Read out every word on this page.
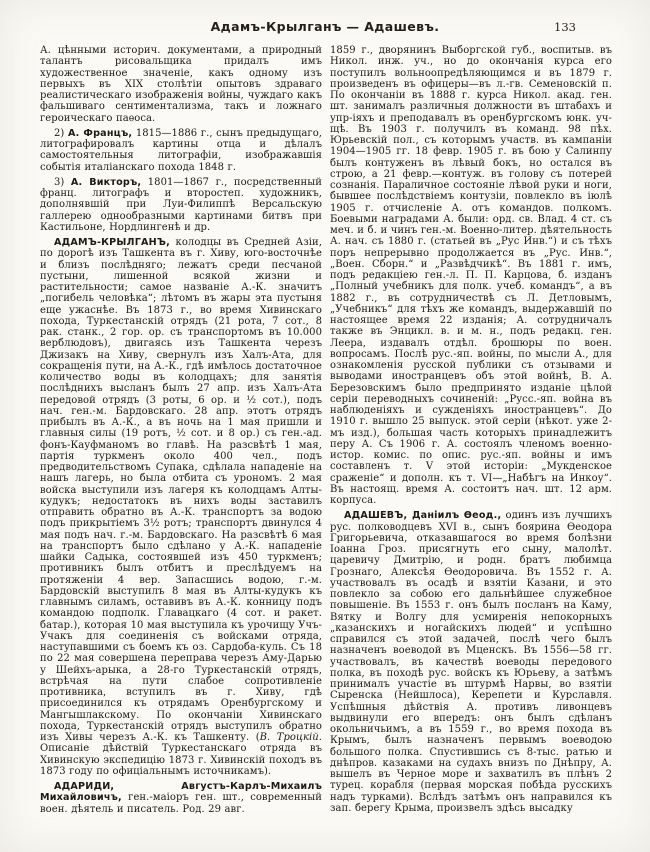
Адамъ-Крылганъ — Адашевъ.	133

А. цѣнными историч. документами, а природный талантъ рисовальщика придалъ имъ художественное значеніе, какъ одному изъ первыхъ въ XIX столѣтіи опытовъ здраваго реалистическаго изображенія войны, чуждаго какъ фальшиваго сентиментализма, такъ и ложнаго героическаго паѳоса.

2) А. Францъ, 1815—1886 г., сынъ предыдущаго, литографировалъ картины отца и дѣлалъ самостоятельныя литографіи, изображавшія событія италіанскаго похода 1848 г.

3) А. Викторъ, 1801—1867 г., посредственный франц. литографъ и второстеп. художникъ, дополнявшій при Луи-Филиппѣ Версальскую галлерею однообразными картинами битвъ при Кастильоне, Нордлингенѣ и др.

АДАМЪ-КРЫЛГАНЪ, колодцы въ Средней Азіи, по дорогѣ изъ Ташкента въ г. Хиву, юго-восточнѣе и близъ послѣдняго; лежатъ среди песчаной пустыни, лишенной всякой жизни и растительности; самое названіе А.-К. значитъ „погибель человѣка“; лѣтомъ въ жары эта пустыня еще ужаснѣе. Въ 1873 г., во время Хивинскаго похода, Туркестанскій отрядъ (21 рота, 7 сот., 8 рак. станк., 2 гор. ор. съ транспортомъ въ 10.000 верблюдовъ), двигаясь изъ Ташкента черезъ Джизакъ на Хиву, свернулъ изъ Халъ-Ата, для сокращенія пути, на А.-К., гдѣ имѣлось достаточное количество воды въ колодцахъ; для занятія послѣднихъ высланъ былъ 27 апр. изъ Халъ-Ата передовой отрядъ (3 роты, 6 ор. и ½ сот.), подъ нач. ген.-м. Бардовскаго. 28 апр. этотъ отрядъ прибылъ въ А.-К., а въ ночь на 1 мая пришли и главныя силы (19 ротъ, ½ сот. и 8 ор.) съ ген.-ад. фонъ-Кауфманомъ во главѣ. На разсвѣтѣ 1 мая, партія туркменъ около 400 чел., подъ предводительствомъ Супака, сдѣлала нападеніе на нашъ лагерь, но была отбита съ урономъ. 2 мая войска выступили изъ лагеря къ колодцамъ Алты-кудукъ; недостатокъ въ нихъ воды заставилъ отправить обратно въ А.-К. транспортъ за водою подъ прикрытіемъ 3½ ротъ; транспортъ двинулся 4 мая подъ нач. г.-м. Бардовскаго. На разсвѣтѣ 6 мая на транспортъ было сдѣлано у А.-К. нападеніе шайки Садыка, состоявшей изъ 450 туркменъ; противникъ былъ отбитъ и преслѣдуемъ на протяженіи 4 вер. Запасшись водою, г.-м. Бардовскій выступилъ 8 мая въ Алты-кудукъ къ главнымъ силамъ, оставивъ въ А.-К. конницу подъ командою подполк. Главацкаго (4 сот. и ракет. батар.), которая 10 мая выступила къ урочищу Учъ-Учакъ для соединенія съ войсками отряда, наступавшими съ боемъ къ оз. Сардоба-куль. Съ 18 по 22 мая совершена переправа черезъ Аму-Дарью у Шейхъ-арыка, а 28-го Туркестанскій отрядъ, встрѣчая на пути слабое сопротивленіе противника, вступилъ въ г. Хиву, гдѣ присоединился къ отрядамъ Оренбургскому и Мангышлакскому. По окончаніи Хивинскаго похода, Туркестанскій отрядъ выступилъ обратно изъ Хивы черезъ А.-К. къ Ташкенту. (В. Троцкій. Описаніе дѣйствій Туркестанскаго отряда въ Хивинскую экспедицію 1873 г. Хивинскій походъ въ 1873 году по офиціальнымъ источникамъ).

АДАРИДИ, Августъ-Карлъ-Михаилъ Михайловичъ, ген.-маіоръ ген. шт., современный воен. дѣятель и писатель. Род. 29 авг.

1859 г., дворянинъ Выборгской губ., воспитыв. въ Никол. инж. уч., но до окончанія курса его поступилъ вольноопредѣляющимся и въ 1879 г. произведенъ въ офицеры—въ л.-гв. Семеновскій п. По окончаніи въ 1888 г. курса Никол. акад. ген. шт. занималъ различныя должности въ штабахъ и упр-іяхъ и преподавалъ въ оренбургскомъ юнк. уч-щѣ. Въ 1903 г. получилъ въ команд. 98 пѣх. Юрьевскій пол., съ которымъ участв. въ кампаніи 1904—1905 гг. 18 февр. 1905 г. въ бою у Салинпу былъ контуженъ въ лѣвый бокъ, но остался въ строю, а 21 февр.—контуж. въ голову съ потерей сознанія. Параличное состояніе лѣвой руки и ноги, бывшее послѣдствіемъ контузіи, повлекло въ іюлѣ 1905 г. отчисленіе А. отъ командов. полкомъ. Боевыми наградами А. были: орд. св. Влад. 4 ст. съ меч. и б. и чинъ ген.-м. Военно-литер. дѣятельность А. нач. съ 1880 г. (статьей въ „Рус Инв.“) и съ тѣхъ поръ непрерывно продолжается въ „Рус. Инв.“, „Воен. Сборн.“ и „Развѣдчикѣ“. Въ 1881 г. имъ, подъ редакціею ген.-л. П. П. Карцова, б. изданъ „Полный учебникъ для полк. учеб. командъ“, а въ 1882 г., въ сотрудничествѣ съ Л. Детловымъ, „Учебникъ“ для тѣхъ же командъ, выдержавшій по настоящее время 22 изданія; А. сотрудничалъ также въ Энцикл. в. и м. н., подъ редакц. ген. Леера, издавалъ отдѣл. брошюры по воен. вопросамъ. Послѣ рус.-яп. войны, по мысли А., для ознакомленія русской публики съ отзывами и выводами иностранцевъ объ этой войнѣ, В. А. Березовскимъ было предпринято изданіе цѣлой серіи переводныхъ сочиненій: „Русс.-яп. война въ наблюденіяхъ и сужденіяхъ иностранцевъ“. До 1910 г. вышло 25 выпуск. этой серіи (нѣкот. уже 2-мъ изд.), большая часть которыхъ принадлежитъ перу А. Съ 1906 г. А. состоялъ членомъ военно-истор. комис. по опис. рус.-яп. войны и имъ составленъ т. V этой исторіи: „Мукденское сраженіе“ и дополн. къ т. VI—„Набѣгъ на Инкоу“. Въ настоящ. время А. состоитъ нач. шт. 12 арм. корпуса.

АДАШЕВЪ, Даніилъ Ѳеод., одинъ изъ лучшихъ рус. полководцевъ XVI в., сынъ боярина Ѳеодора Григорьевича, отказавшагося во время болѣзни Іоанна Гроз. присягнуть его сыну, малолѣт. царевичу Дмитрію, и родн. братъ любимца Грознаго, Алексѣя Ѳеодоровича. Въ 1552 г. А. участвовалъ въ осадѣ и взятіи Казани, и это повлекло за собою его дальнѣйшее служебное повышеніе. Въ 1553 г. онъ былъ посланъ на Каму, Вятку и Волгу для усмиренія непокорныхъ „казанскихъ и ногайскихъ людей“ и успѣшно справился съ этой задачей, послѣ чего былъ назначенъ воеводой въ Мценскъ. Въ 1556—58 гг. участвовалъ, въ качествѣ воеводы передового полка, въ походѣ рус. войскъ къ Юрьеву, а затѣмъ принималъ участіе въ штурмѣ Нарвы, во взятіи Сыренска (Нейшлоса), Керепети и Курславля. Успѣшныя дѣйствія А. противъ ливонцевъ выдвинули его впередъ: онъ былъ сдѣланъ окольничьимъ, а въ 1559 г., во время похода въ Крымъ, былъ назначенъ первымъ воеводою большого полка. Спустившись съ 8-тыс. ратью и днѣпров. казаками на судахъ внизъ по Днѣпру, А. вышелъ въ Черное море и захватилъ въ плѣнъ 2 турец. корабля (первая морская побѣда русскихъ надъ турками). Вслѣдъ затѣмъ онъ направился къ зап. берегу Крыма, произвелъ здѣсь высадку
